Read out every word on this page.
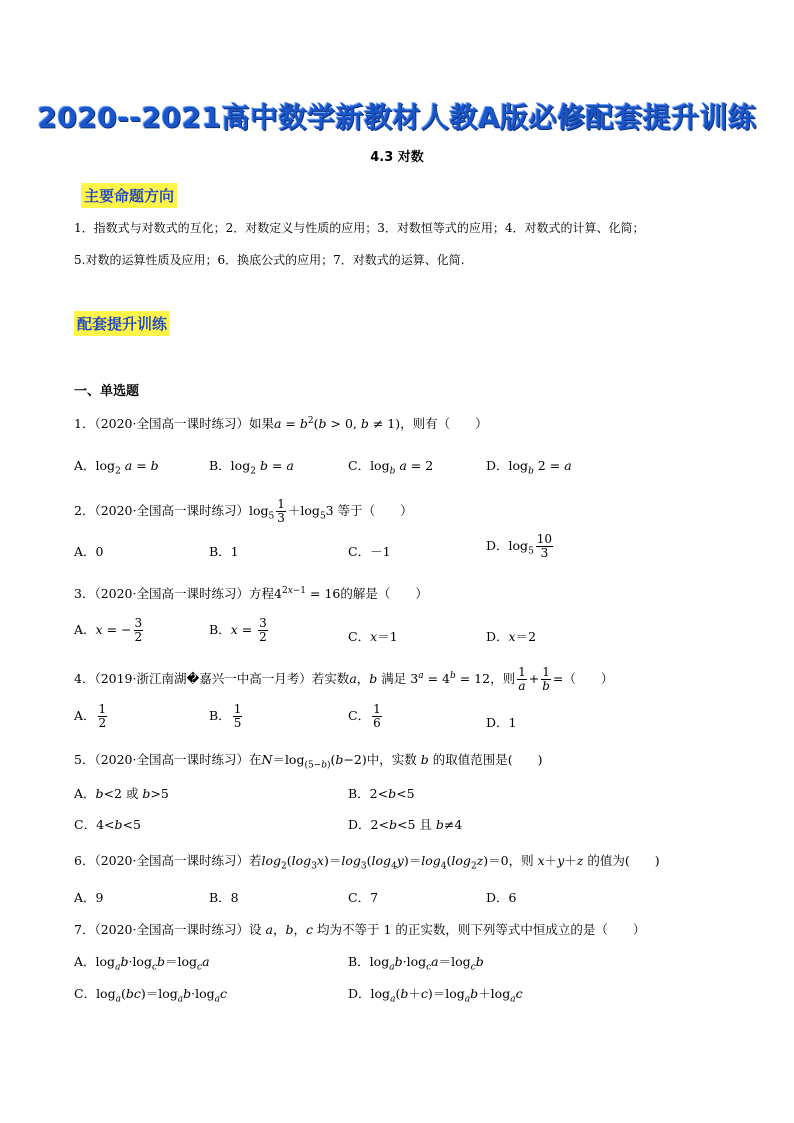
2020--2021高中数学新教材人教A版必修配套提升训练
4.3 对数
主要命题方向
1．指数式与对数式的互化；2．对数定义与性质的应用；3．对数恒等式的应用；4．对数式的计算、化简；
5.对数的运算性质及应用；6．换底公式的应用；7．对数式的运算、化简.
配套提升训练
一、单选题
1．（2020·全国高一课时练习）如果$a = b^2(b > 0$, b ≠ 1)，则有（　　）
A．$\log_2 a = b$	B．$\log_2 b = a$	C．$\log_b a = 2$	D．$\log_b 2 = a$
2．（2020·全国高一课时练习）$\log_5 \frac{1}{3} +\log_53$ 等于（　　）
A．0	B．1	C．－1	D．$\log_5 \frac{10}{3}$
3．（2020·全国高一课时练习）方程$4^{2x-1} = 16$的解是（　　）
A．x = − $\frac{3}{2}$	B．$x = \frac{3}{2}$	C．x＝1	D．x＝2
4．（2019·浙江南湖�嘉兴一中高一月考）若实数a，b 满足 $3^a = 4^b = 12$，则 $\frac{1}{a} + \frac{1}{b}$ =（　　）
A． $\frac{1}{2}$	B． $\frac{1}{5}$	C． $\frac{1}{6}$	D．1
5．（2020·全国高一课时练习）在$N=\log_{(5-b)}(b-2)$中，实数 b 的取值范围是(　　)
A．b<2 或 b>5	B．2<b<5
C．4<b<5	D．2<b<5 且 b≠4
6．（2020·全国高一课时练习）若$\log_2(\log_3x)=\log_3(\log_4y)=\log_4(\log_2z)=0$，则 x＋y＋z 的值为(　　)
A．9	B．8	C．7	D．6
7．（2020·全国高一课时练习）设 a，b，c 均为不等于 1 的正实数，则下列等式中恒成立的是（　　）
A．$\log_ab\cdot\log_cb=\log_ca$	B．$\log_ab\cdot\log_ca=\log_cb$
C．$\log_a(bc)=\log_ab\cdot\log_ac$	D．$\log_a(b+c)=\log_ab+\log_ac$
